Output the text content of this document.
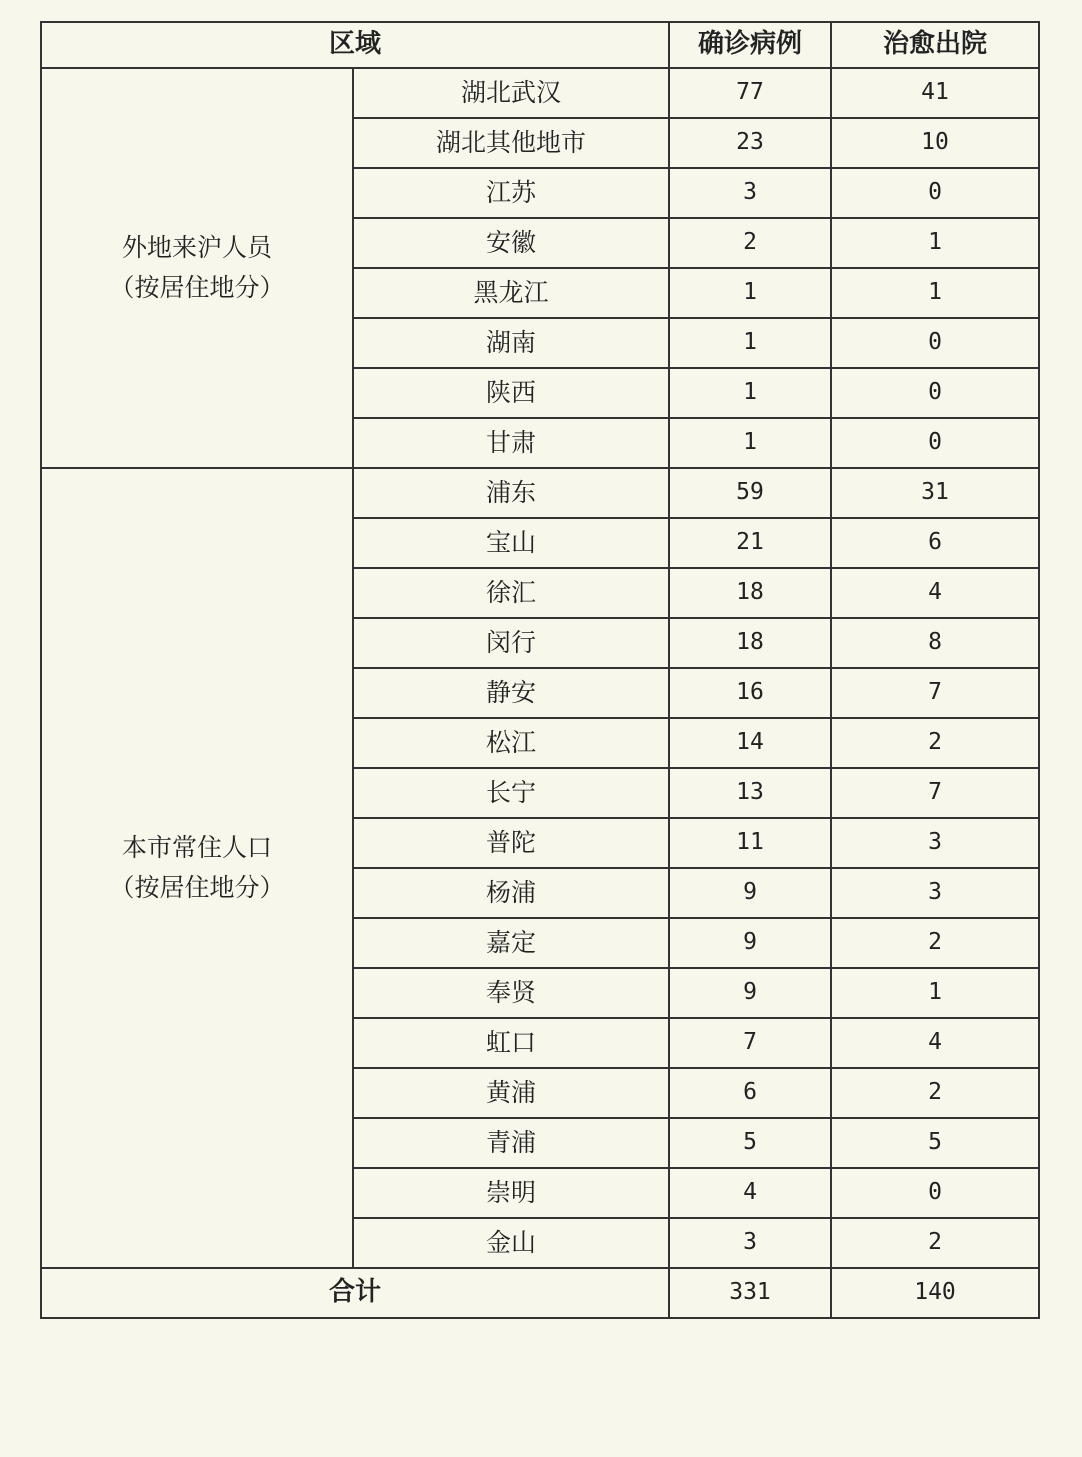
区域		确诊病例	治愈出院

外地来沪人员
（按居住地分）	湖北武汉	77	41
	湖北其他地市	23	10
	江苏	3	0
	安徽	2	1
	黑龙江	1	1
	湖南	1	0
	陕西	1	0
	甘肃	1	0

本市常住人口
（按居住地分）	浦东	59	31
	宝山	21	6
	徐汇	18	4
	闵行	18	8
	静安	16	7
	松江	14	2
	长宁	13	7
	普陀	11	3
	杨浦	9	3
	嘉定	9	2
	奉贤	9	1
	虹口	7	4
	黄浦	6	2
	青浦	5	5
	崇明	4	0
	金山	3	2
合计		331	140
